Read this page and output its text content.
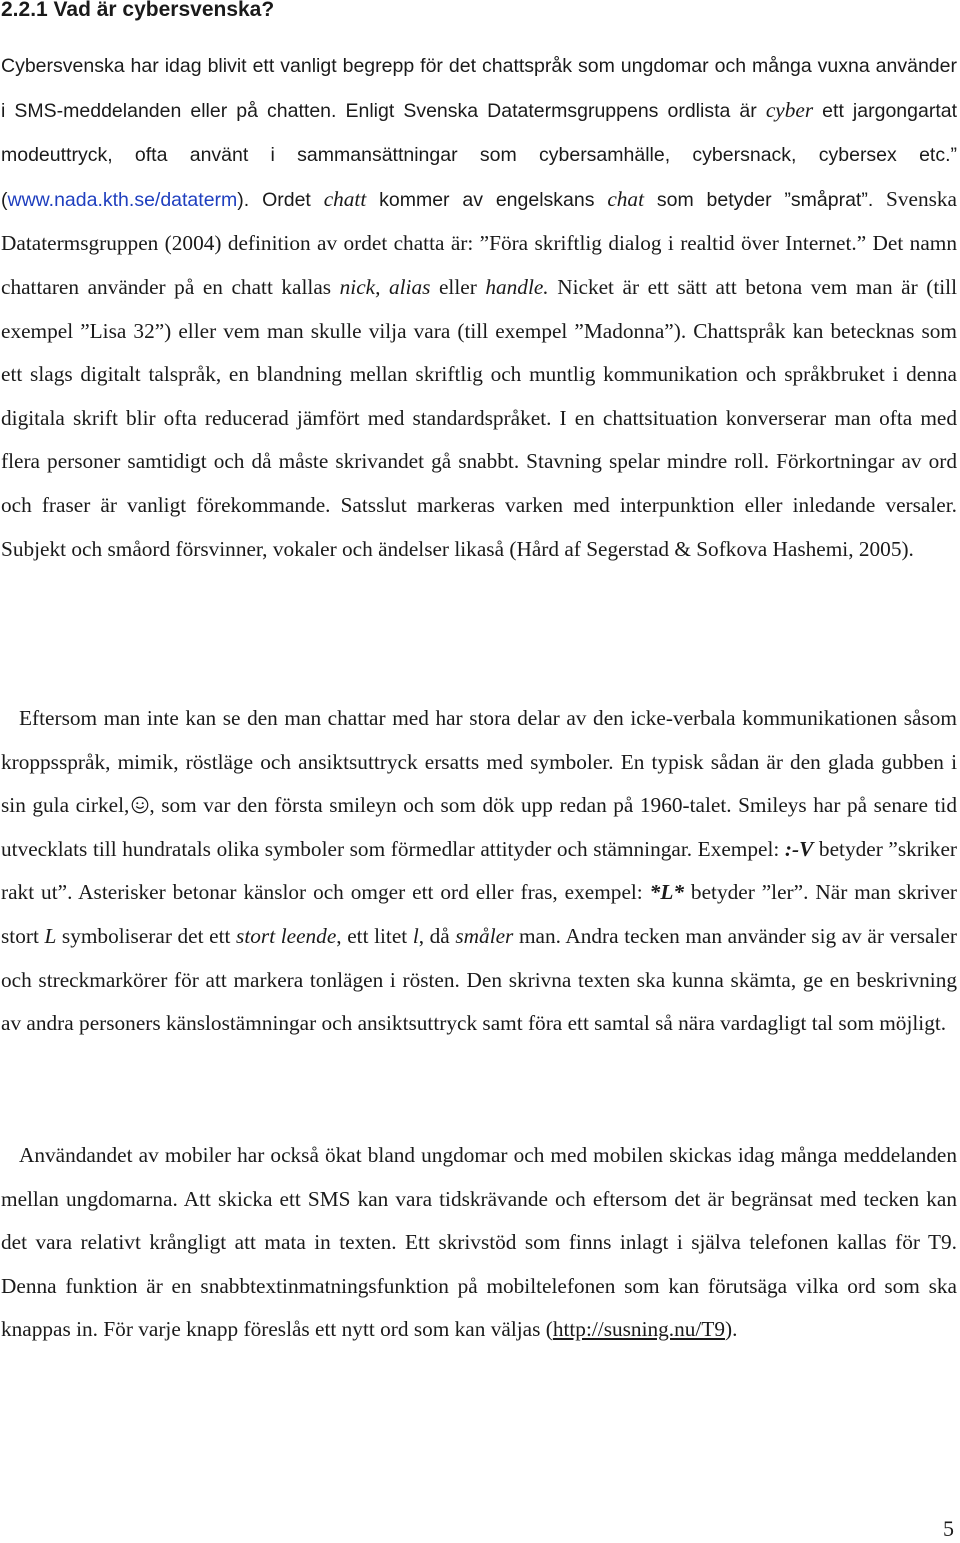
2.2.1 Vad är cybersvenska?

Cybersvenska har idag blivit ett vanligt begrepp för det chattspråk som ungdomar och många vuxna använder i SMS-meddelanden eller på chatten. Enligt Svenska Datatermsgruppens ordlista är cyber ett jargongartat modeuttryck, ofta använt i sammansättningar som cybersamhälle, cybersnack, cybersex etc.” (www.nada.kth.se/dataterm). Ordet chatt kommer av engelskans chat som betyder ”småprat”. Svenska Datatermsgruppen (2004) definition av ordet chatta är: ”Föra skriftlig dialog i realtid över Internet.” Det namn chattaren använder på en chatt kallas nick, alias eller handle. Nicket är ett sätt att betona vem man är (till exempel ”Lisa 32”) eller vem man skulle vilja vara (till exempel ”Madonna”). Chattspråk kan betecknas som ett slags digitalt talspråk, en blandning mellan skriftlig och muntlig kommunikation och språkbruket i denna digitala skrift blir ofta reducerad jämfört med standardspråket. I en chattsituation konverserar man ofta med flera personer samtidigt och då måste skrivandet gå snabbt. Stavning spelar mindre roll. Förkortningar av ord och fraser är vanligt förekommande. Satsslut markeras varken med interpunktion eller inledande versaler. Subjekt och småord försvinner, vokaler och ändelser likaså (Hård af Segerstad & Sofkova Hashemi, 2005).

Eftersom man inte kan se den man chattar med har stora delar av den icke-verbala kommunikationen såsom kroppsspråk, mimik, röstläge och ansiktsuttryck ersatts med symboler. En typisk sådan är den glada gubben i sin gula cirkel, , som var den första smileyn och som dök upp redan på 1960-talet. Smileys har på senare tid utvecklats till hundratals olika symboler som förmedlar attityder och stämningar. Exempel: :-V betyder ”skriker rakt ut”. Asterisker betonar känslor och omger ett ord eller fras, exempel: *L* betyder ”ler”. När man skriver stort L symboliserar det ett stort leende, ett litet l, då småler man. Andra tecken man använder sig av är versaler och streckmarkörer för att markera tonlägen i rösten. Den skrivna texten ska kunna skämta, ge en beskrivning av andra personers känslostämningar och ansiktsuttryck samt föra ett samtal så nära vardagligt tal som möjligt.

Användandet av mobiler har också ökat bland ungdomar och med mobilen skickas idag många meddelanden mellan ungdomarna. Att skicka ett SMS kan vara tidskrävande och eftersom det är begränsat med tecken kan det vara relativt krångligt att mata in texten. Ett skrivstöd som finns inlagt i själva telefonen kallas för T9. Denna funktion är en snabbtextinmatningsfunktion på mobiltelefonen som kan förutsäga vilka ord som ska knappas in. För varje knapp föreslås ett nytt ord som kan väljas (http://susning.nu/T9).

5
